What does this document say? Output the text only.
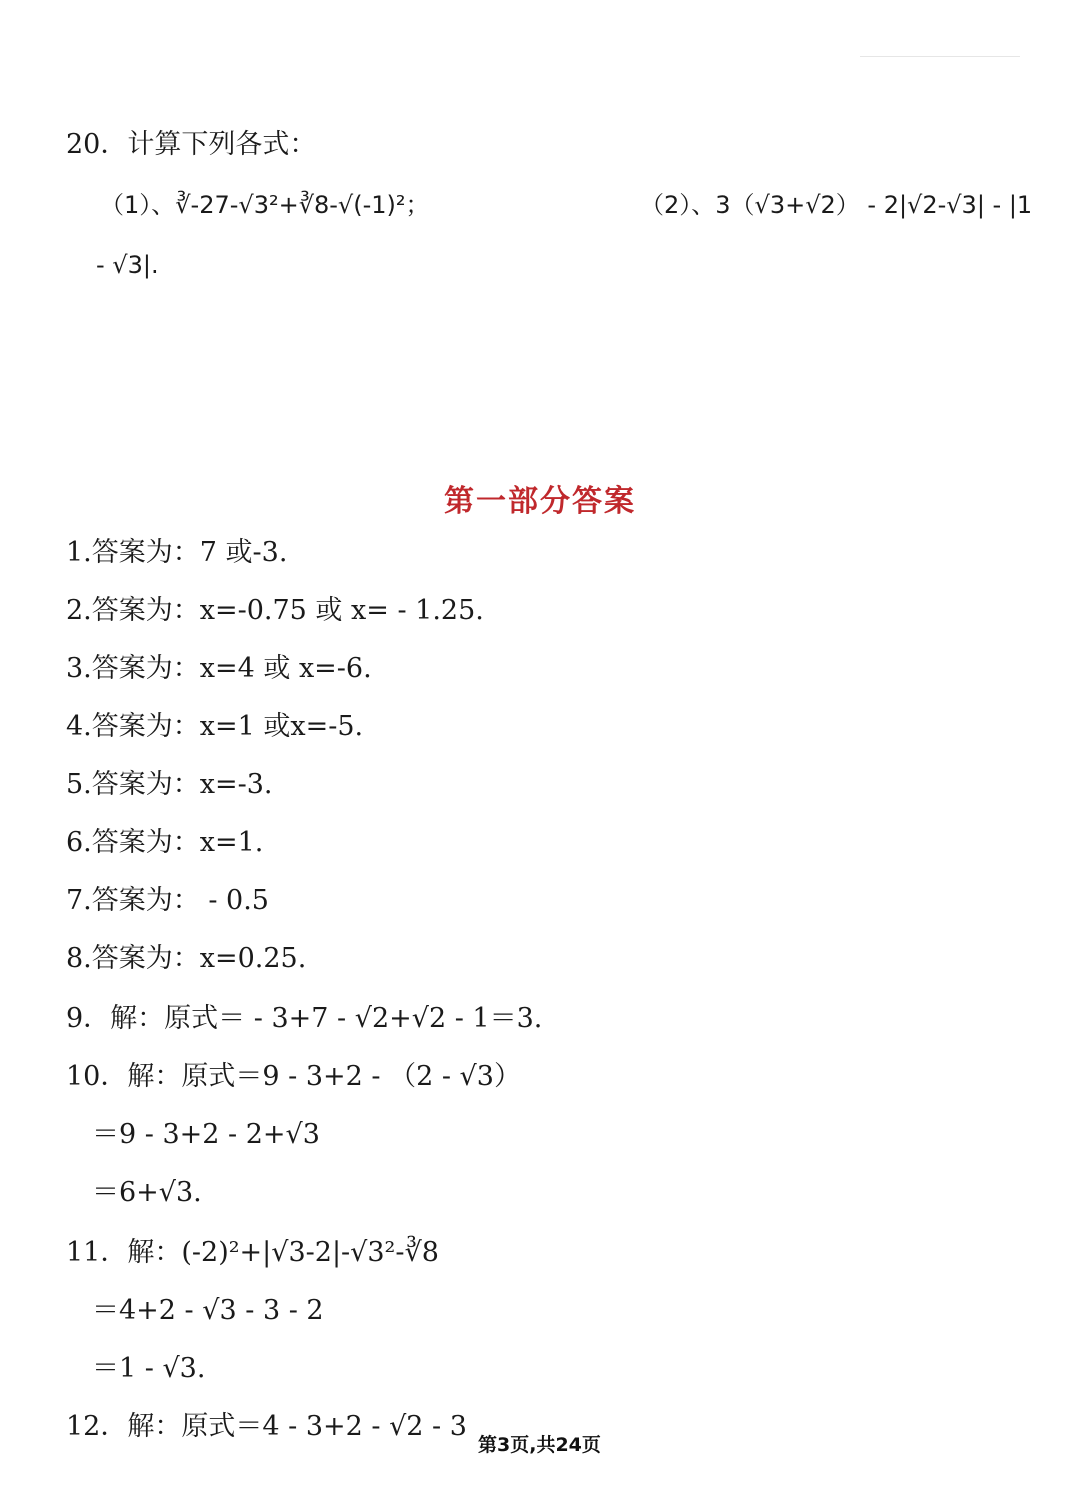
20．计算下列各式：
（1）、∛-27-√3²+∛8-√(-1)²；	（2）、3（√3+√2） - 2|√2-√3| - |1
- √3|.
第一部分答案
1.答案为：7 或-3.
2.答案为：x=-0.75 或 x= - 1.25.
3.答案为：x=4 或 x=-6.
4.答案为：x=1 或x=-5.
5.答案为：x=-3.
6.答案为：x=1.
7.答案为： - 0.5
8.答案为：x=0.25.
9．解：原式＝ - 3+7 - √2+√2 - 1＝3.
10．解：原式＝9 - 3+2 - （2 - √3）
＝9 - 3+2 - 2+√3
＝6+√3.
11．解：(-2)²+|√3-2|-√3²-∛8
＝4+2 - √3 - 3 - 2
＝1 - √3.
12．解：原式＝4 - 3+2 - √2 - 3
第3页,共24页
